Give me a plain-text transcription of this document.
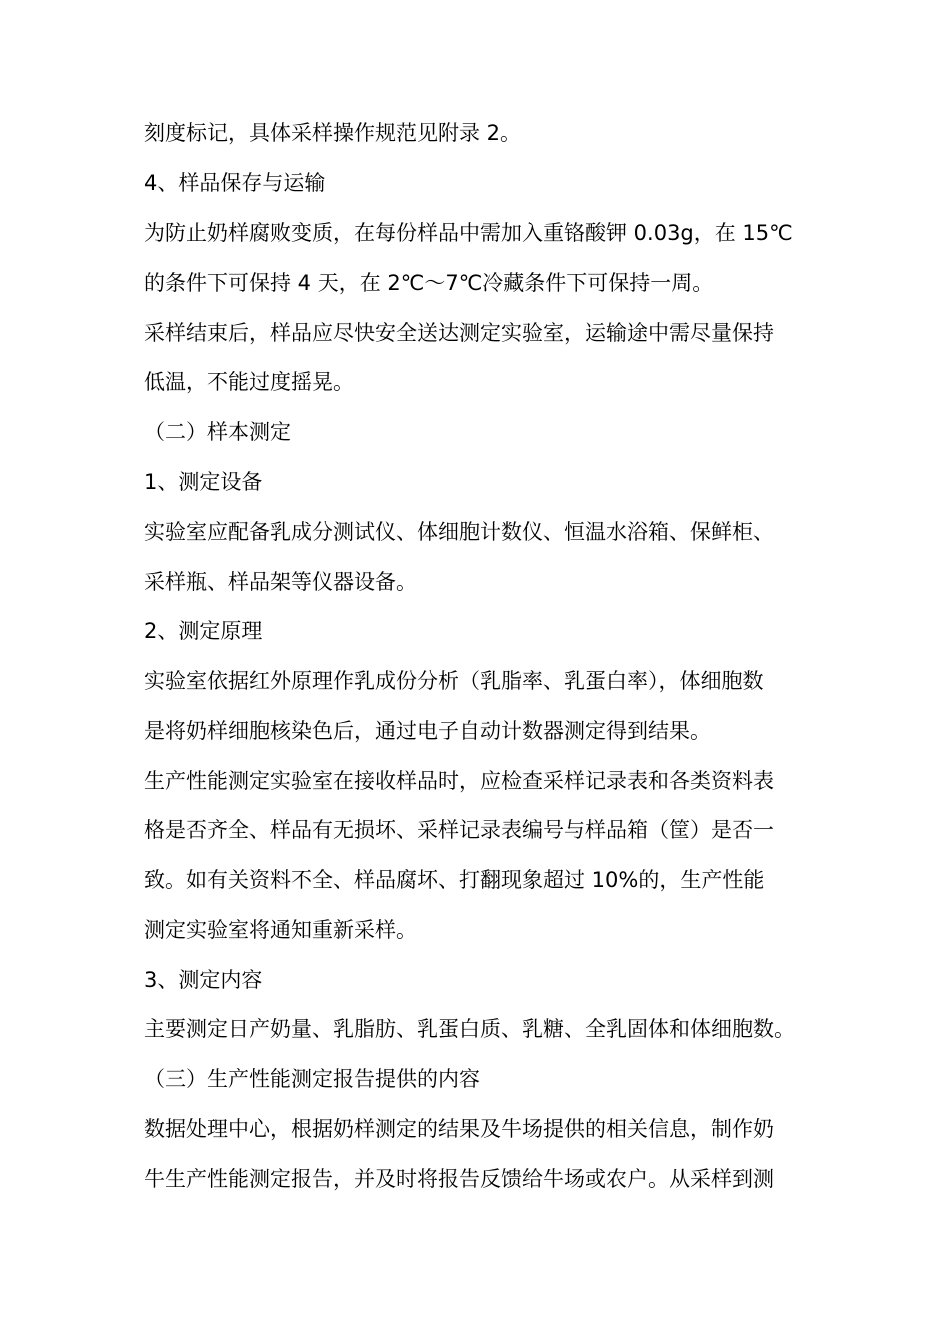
刻度标记，具体采样操作规范见附录 2。
4、样品保存与运输
为防止奶样腐败变质，在每份样品中需加入重铬酸钾 0.03g，在 15℃
的条件下可保持 4 天，在 2℃～7℃冷藏条件下可保持一周。
采样结束后，样品应尽快安全送达测定实验室，运输途中需尽量保持
低温，不能过度摇晃。
（二）样本测定
1、测定设备
实验室应配备乳成分测试仪、体细胞计数仪、恒温水浴箱、保鲜柜、
采样瓶、样品架等仪器设备。
2、测定原理
实验室依据红外原理作乳成份分析（乳脂率、乳蛋白率），体细胞数
是将奶样细胞核染色后，通过电子自动计数器测定得到结果。
生产性能测定实验室在接收样品时，应检查采样记录表和各类资料表
格是否齐全、样品有无损坏、采样记录表编号与样品箱（筐）是否一
致。如有关资料不全、样品腐坏、打翻现象超过 10%的，生产性能
测定实验室将通知重新采样。
3、测定内容
主要测定日产奶量、乳脂肪、乳蛋白质、乳糖、全乳固体和体细胞数。
（三）生产性能测定报告提供的内容
数据处理中心，根据奶样测定的结果及牛场提供的相关信息，制作奶
牛生产性能测定报告，并及时将报告反馈给牛场或农户。从采样到测
